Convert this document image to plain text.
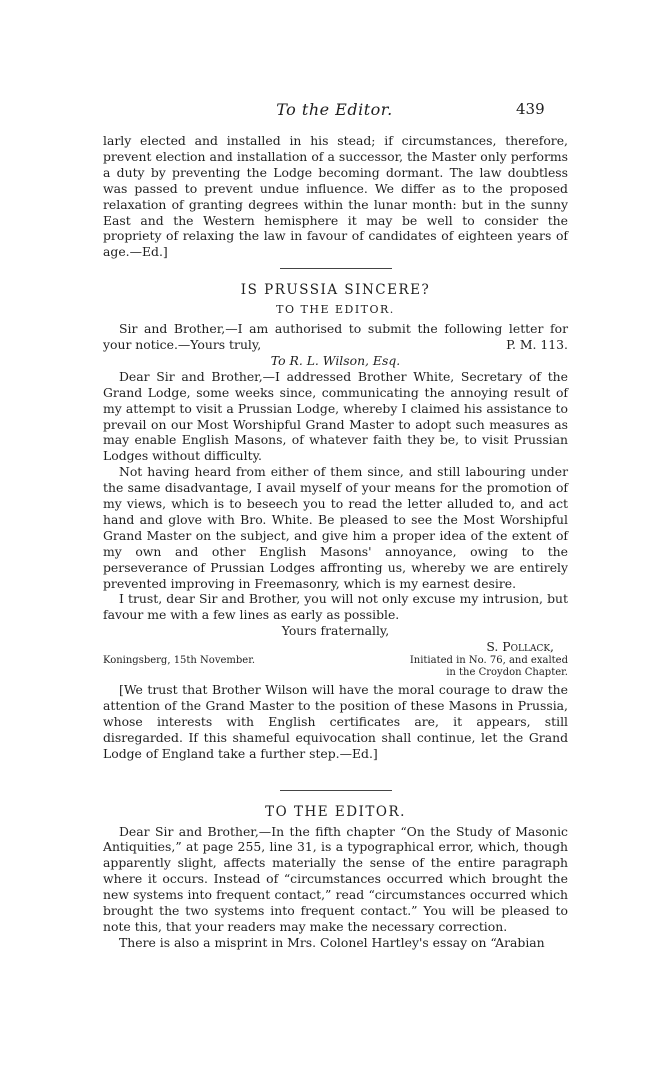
To the Editor.	439

larly elected and installed in his stead; if circumstances, therefore, prevent election and installation of a successor, the Master only performs a duty by preventing the Lodge becoming dormant. The law doubtless was passed to prevent undue influence. We differ as to the proposed relaxation of granting degrees within the lunar month: but in the sunny East and the Western hemisphere it may be well to consider the propriety of relaxing the law in favour of candidates of eighteen years of age.—Ed.]

IS PRUSSIA SINCERE?
TO THE EDITOR.

Sir and Brother,—I am authorised to submit the following letter for your notice.—Yours truly,	P. M. 113.

To R. L. Wilson, Esq.

Dear Sir and Brother,—I addressed Brother White, Secretary of the Grand Lodge, some weeks since, communicating the annoying result of my attempt to visit a Prussian Lodge, whereby I claimed his assistance to prevail on our Most Worshipful Grand Master to adopt such measures as may enable English Masons, of whatever faith they be, to visit Prussian Lodges without difficulty.

Not having heard from either of them since, and still labouring under the same disadvantage, I avail myself of your means for the promotion of my views, which is to beseech you to read the letter alluded to, and act hand and glove with Bro. White. Be pleased to see the Most Worshipful Grand Master on the subject, and give him a proper idea of the extent of my own and other English Masons' annoyance, owing to the perseverance of Prussian Lodges affronting us, whereby we are entirely prevented improving in Freemasonry, which is my earnest desire.

I trust, dear Sir and Brother, you will not only excuse my intrusion, but favour me with a few lines as early as possible.

Yours fraternally,
S. Pollack,
Koningsberg, 15th November.	Initiated in No. 76, and exalted
in the Croydon Chapter.

[We trust that Brother Wilson will have the moral courage to draw the attention of the Grand Master to the position of these Masons in Prussia, whose interests with English certificates are, it appears, still disregarded. If this shameful equivocation shall continue, let the Grand Lodge of England take a further step.—Ed.]

TO THE EDITOR.

Dear Sir and Brother,—In the fifth chapter “On the Study of Masonic Antiquities,” at page 255, line 31, is a typographical error, which, though apparently slight, affects materially the sense of the entire paragraph where it occurs. Instead of “circumstances occurred which brought the new systems into frequent contact,” read “circumstances occurred which brought the two systems into frequent contact.” You will be pleased to note this, that your readers may make the necessary correction.

There is also a misprint in Mrs. Colonel Hartley's essay on “Arabian
